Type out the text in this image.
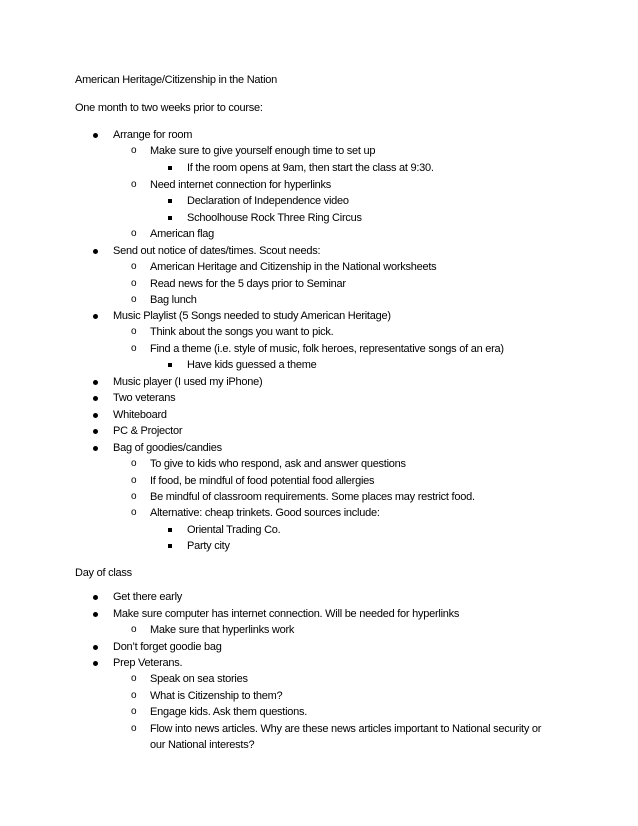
American Heritage/Citizenship in the Nation
One month to two weeks prior to course:
Arrange for room
o Make sure to give yourself enough time to set up
If the room opens at 9am, then start the class at 9:30.
o Need internet connection for hyperlinks
Declaration of Independence video
Schoolhouse Rock Three Ring Circus
o American flag
Send out notice of dates/times. Scout needs:
o American Heritage and Citizenship in the National worksheets
o Read news for the 5 days prior to Seminar
o Bag lunch
Music Playlist (5 Songs needed to study American Heritage)
o Think about the songs you want to pick.
o Find a theme (i.e. style of music, folk heroes, representative songs of an era)
Have kids guessed a theme
Music player (I used my iPhone)
Two veterans
Whiteboard
PC & Projector
Bag of goodies/candies
o To give to kids who respond, ask and answer questions
o If food, be mindful of food potential food allergies
o Be mindful of classroom requirements. Some places may restrict food.
o Alternative: cheap trinkets. Good sources include:
Oriental Trading Co.
Party city
Day of class
Get there early
Make sure computer has internet connection. Will be needed for hyperlinks
o Make sure that hyperlinks work
Don’t forget goodie bag
Prep Veterans.
o Speak on sea stories
o What is Citizenship to them?
o Engage kids. Ask them questions.
o Flow into news articles. Why are these news articles important to National security or
our National interests?
